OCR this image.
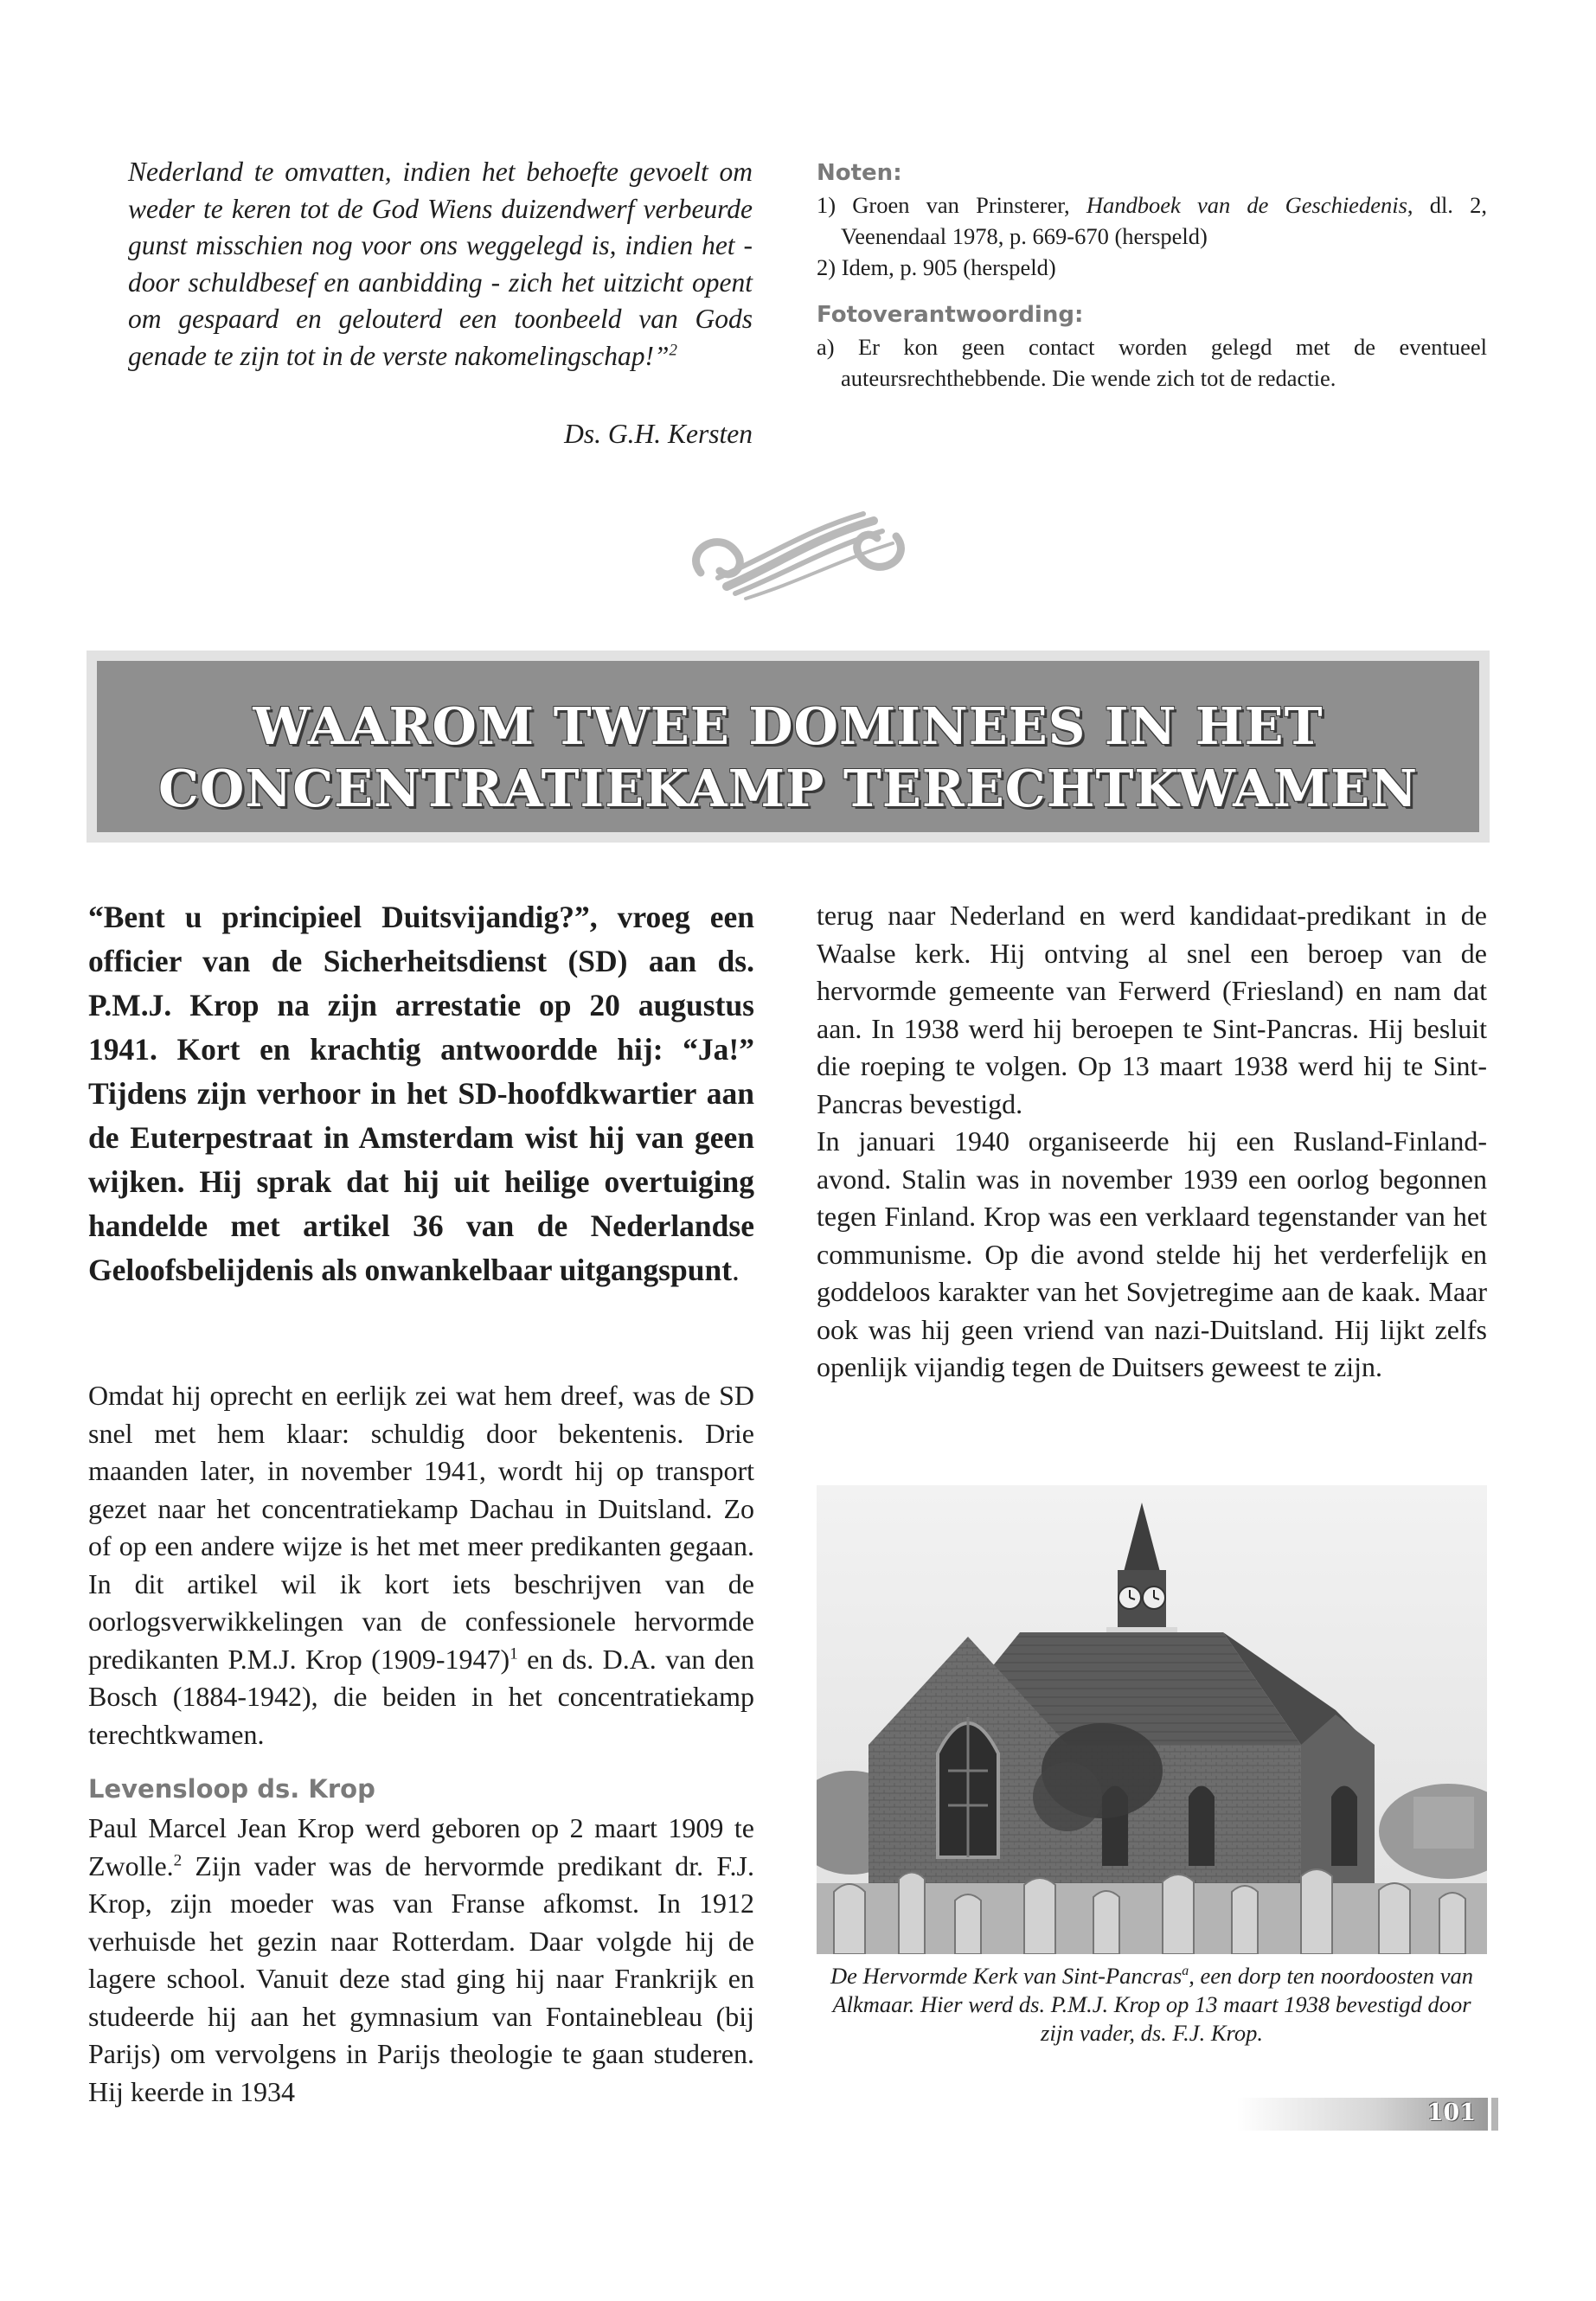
Nederland te omvatten, indien het behoefte gevoelt om weder te keren tot de God Wiens duizendwerf verbeurde gunst misschien nog voor ons weggelegd is, indien het - door schuldbesef en aanbidding - zich het uitzicht opent om gespaard en gelouterd een toonbeeld van Gods genade te zijn tot in de verste nakomelingschap!”$^2$
Ds. G.H. Kersten
Noten:
1) Groen van Prinsterer, Handboek van de Geschiedenis, dl. 2, Veenendaal 1978, p. 669-670 (herspeld)
2) Idem, p. 905 (herspeld)
Fotoverantwoording:
a) Er kon geen contact worden gelegd met de eventueel auteursrechthebbende. Die wende zich tot de redactie.
WAAROM TWEE DOMINEES IN HET
CONCENTRATIEKAMP TERECHTKWAMEN
“Bent u principieel Duitsvijandig?”, vroeg een officier van de Sicherheitsdienst (SD) aan ds. P.M.J. Krop na zijn arrestatie op 20 augustus 1941. Kort en krachtig antwoordde hij: “Ja!” Tijdens zijn verhoor in het SD-hoofdkwartier aan de Euterpestraat in Amsterdam wist hij van geen wijken. Hij sprak dat hij uit heilige overtuiging handelde met artikel 36 van de Nederlandse Geloofsbelijdenis als onwankelbaar uitgangspunt.
Omdat hij oprecht en eerlijk zei wat hem dreef, was de SD snel met hem klaar: schuldig door bekentenis. Drie maanden later, in november 1941, wordt hij op transport gezet naar het concentratiekamp Dachau in Duitsland. Zo of op een andere wijze is het met meer predikanten gegaan. In dit artikel wil ik kort iets beschrijven van de oorlogsverwikkelingen van de confessionele hervormde predikanten P.M.J. Krop (1909-1947)$^1$ en ds. D.A. van den Bosch (1884-1942), die beiden in het concentratiekamp terechtkwamen.
Levensloop ds. Krop
Paul Marcel Jean Krop werd geboren op 2 maart 1909 te Zwolle.$^2$ Zijn vader was de hervormde predikant dr. F.J. Krop, zijn moeder was van Franse afkomst. In 1912 verhuisde het gezin naar Rotterdam. Daar volgde hij de lagere school. Vanuit deze stad ging hij naar Frankrijk en studeerde hij aan het gymnasium van Fontainebleau (bij Parijs) om vervolgens in Parijs theologie te gaan studeren. Hij keerde in 1934
terug naar Nederland en werd kandidaat-predikant in de Waalse kerk. Hij ontving al snel een beroep van de hervormde gemeente van Ferwerd (Friesland) en nam dat aan. In 1938 werd hij beroepen te Sint-Pancras. Hij besluit die roeping te volgen. Op 13 maart 1938 werd hij te Sint-Pancras bevestigd.
In januari 1940 organiseerde hij een Rusland-Finland-avond. Stalin was in november 1939 een oorlog begonnen tegen Finland. Krop was een verklaard tegenstander van het communisme. Op die avond stelde hij het verderfelijk en goddeloos karakter van het Sovjetregime aan de kaak. Maar ook was hij geen vriend van nazi-Duitsland. Hij lijkt zelfs openlijk vijandig tegen de Duitsers geweest te zijn.
De Hervormde Kerk van Sint-Pancras$^a$, een dorp ten noordoosten van Alkmaar. Hier werd ds. P.M.J. Krop op 13 maart 1938 bevestigd door zijn vader, ds. F.J. Krop.
101
